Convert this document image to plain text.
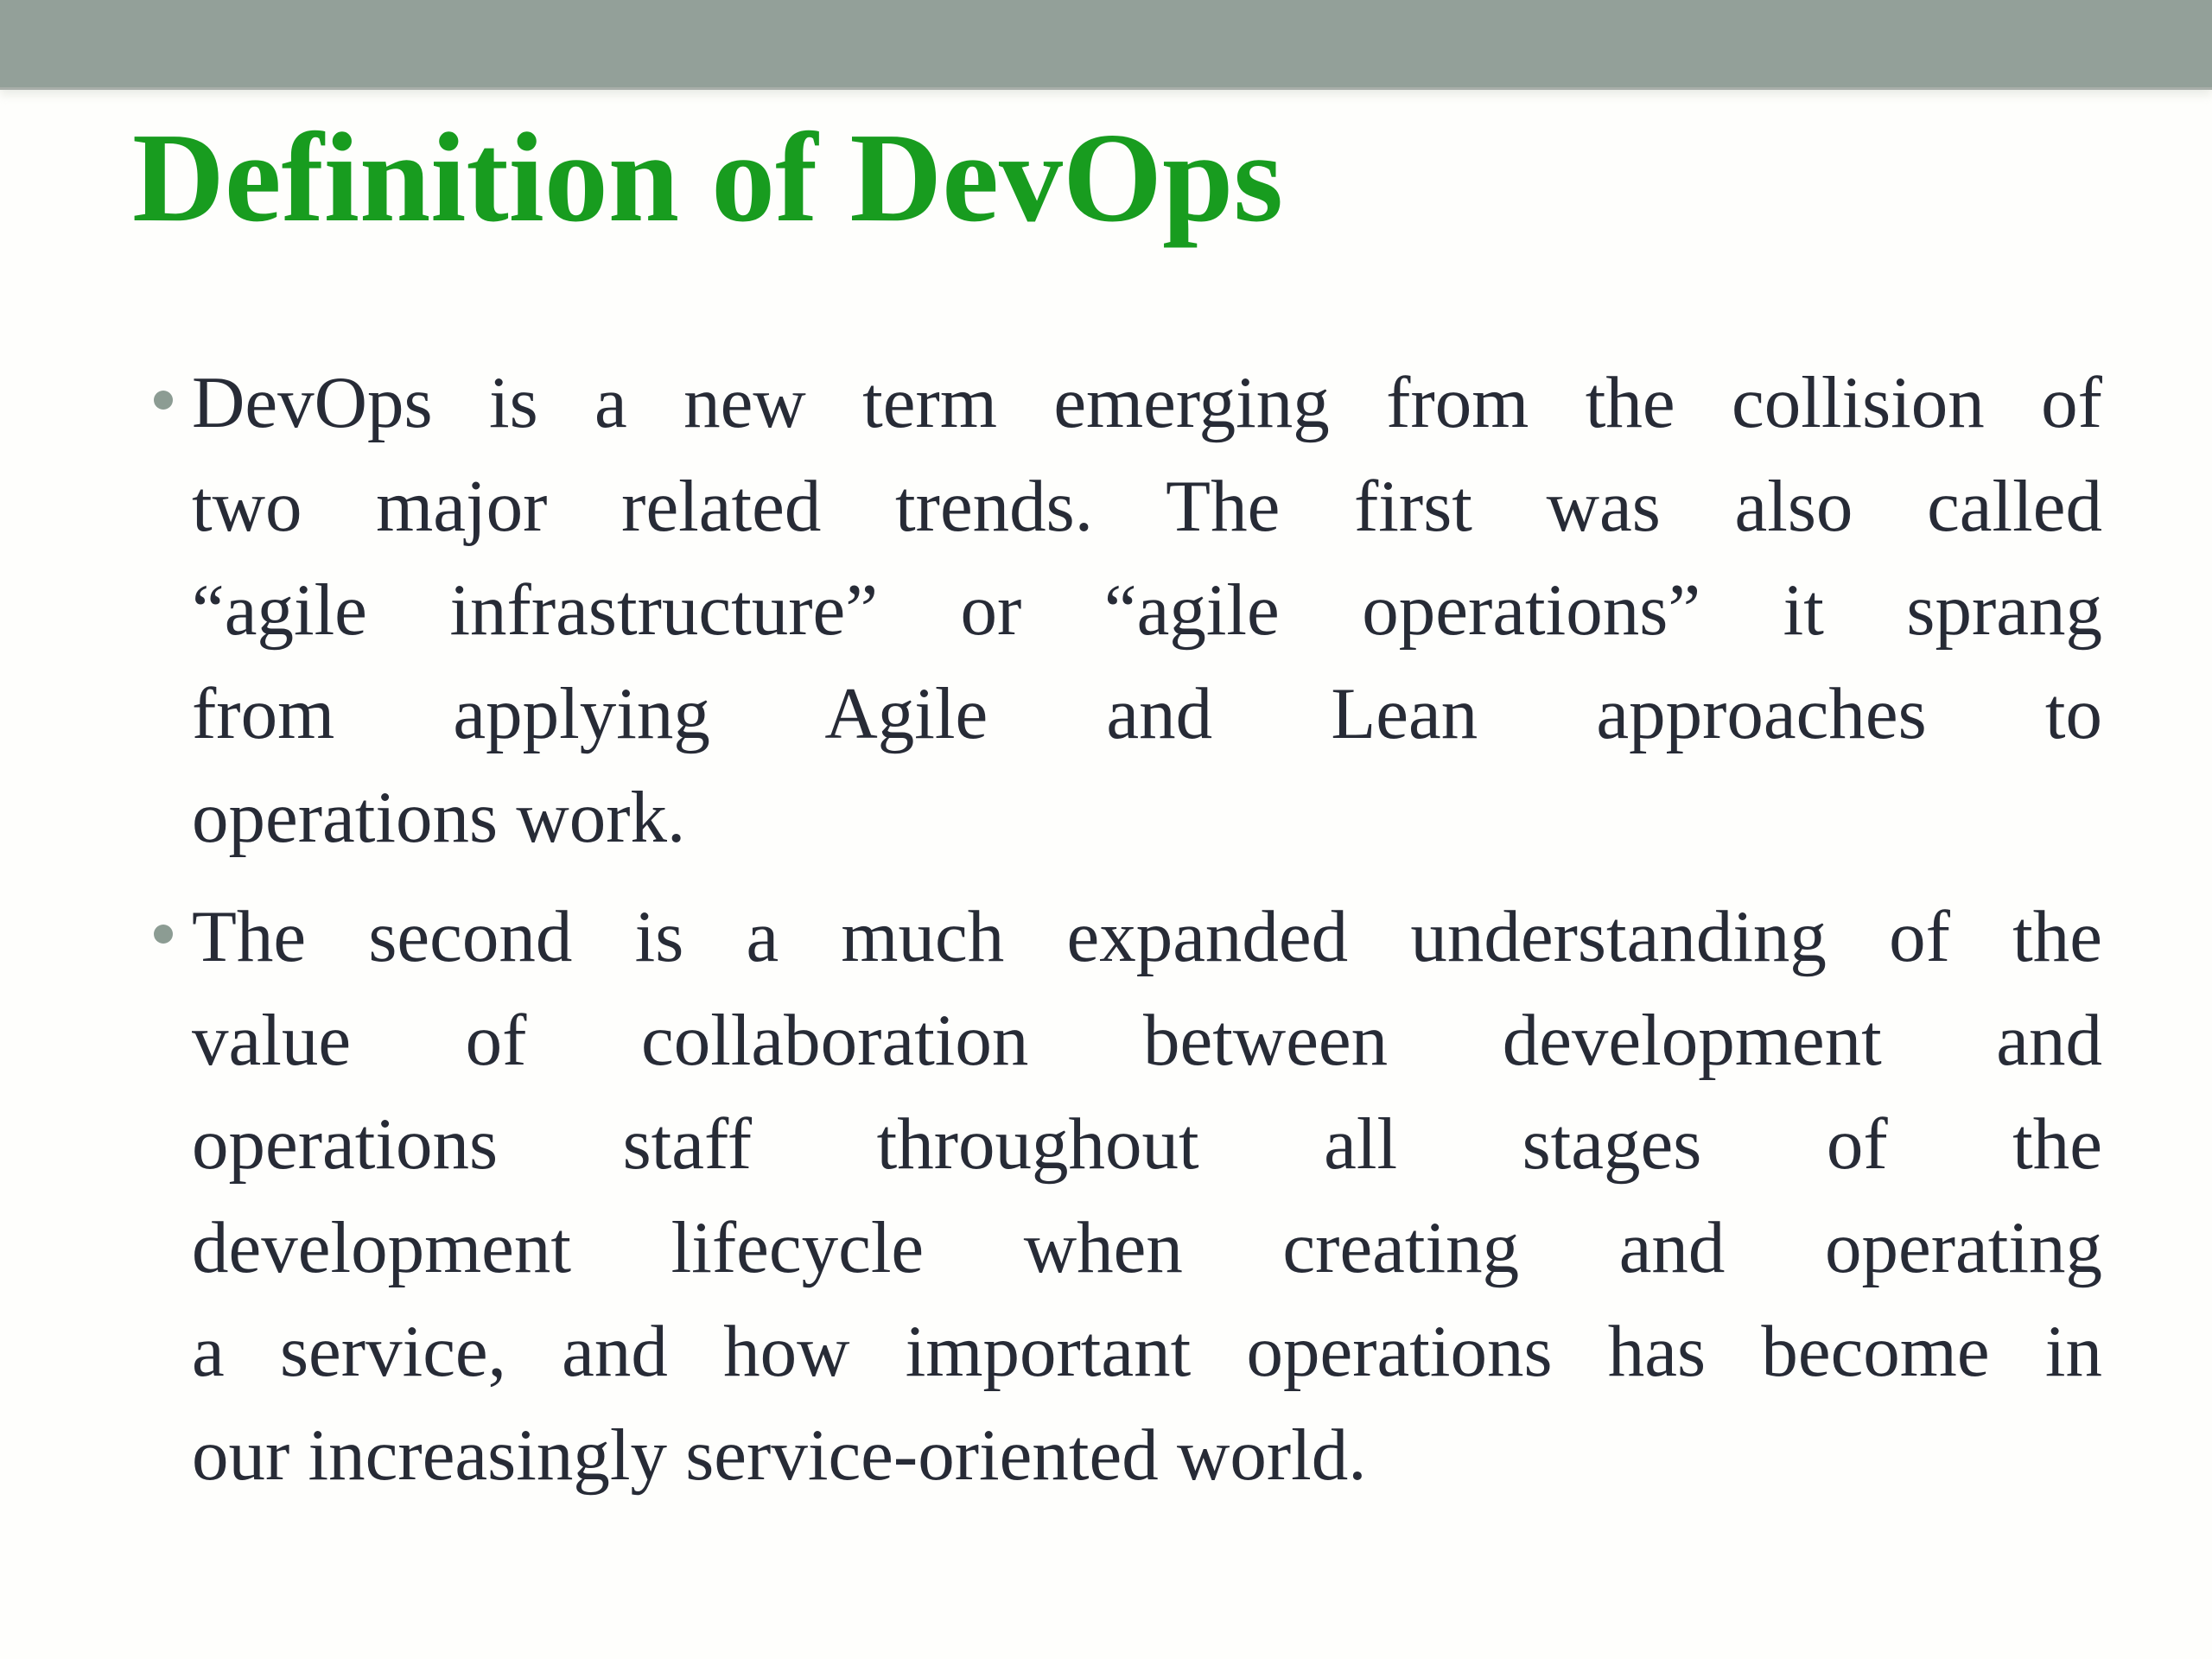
Definition of DevOps
DevOps is a new term emerging from the collision of
two major related trends. The first was also called
“agile infrastructure” or “agile operations” it sprang
from applying Agile and Lean approaches to
operations work.
The second is a much expanded understanding of the
value of collaboration between development and
operations staff throughout all stages of the
development lifecycle when creating and operating
a service, and how important operations has become in
our increasingly service-oriented world.
